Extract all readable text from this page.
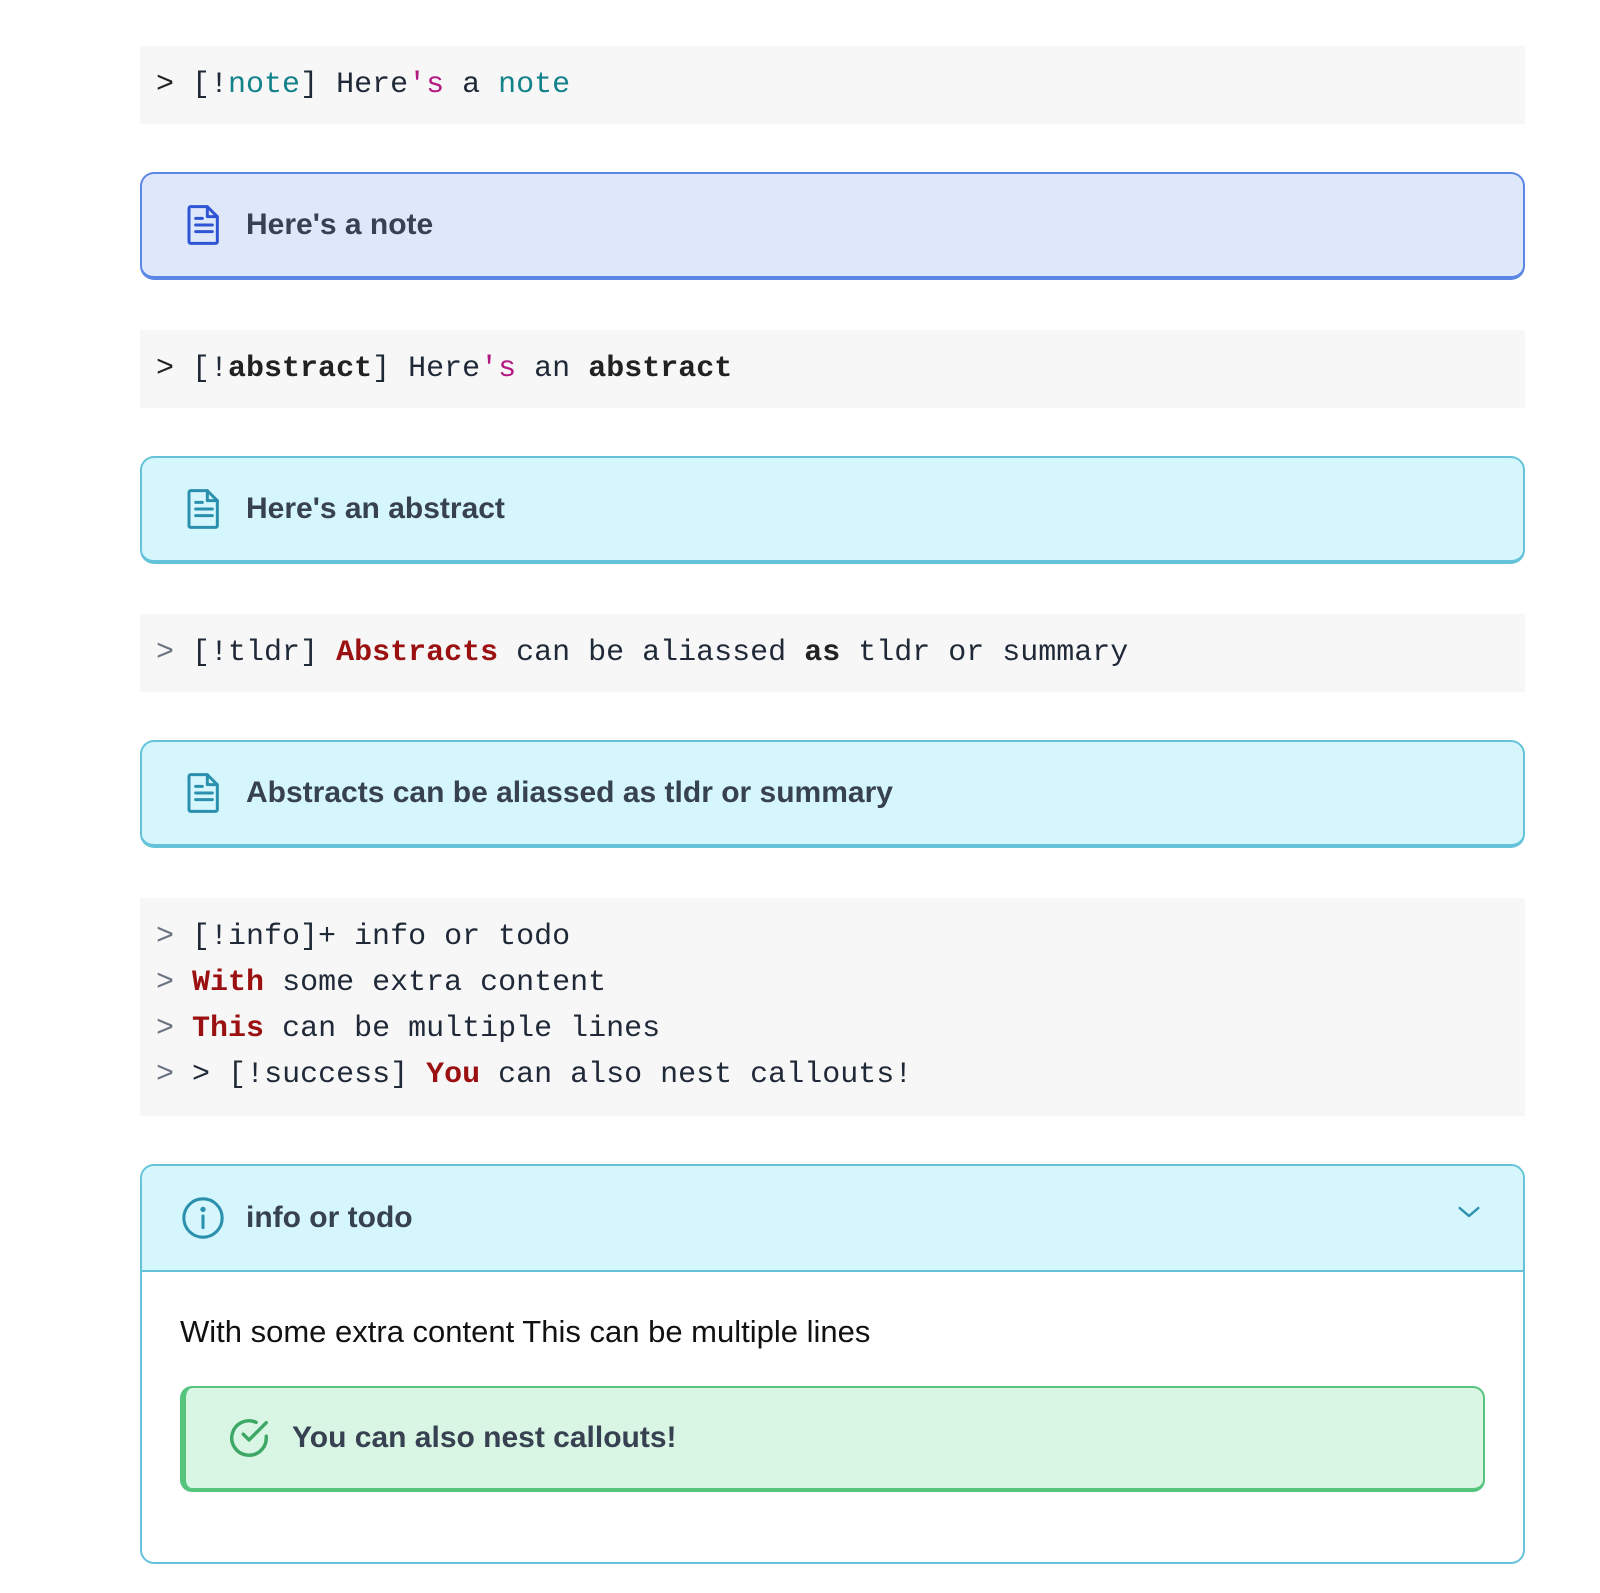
> [!note] Here's a note
Here's a note
> [!abstract] Here's an abstract
Here's an abstract
> [!tldr] Abstracts can be aliassed as tldr or summary
Abstracts can be aliassed as tldr or summary
> [!info]+ info or todo
> With some extra content
> This can be multiple lines
> > [!success] You can also nest callouts!
info or todo

With some extra content This can be multiple lines

You can also nest callouts!
